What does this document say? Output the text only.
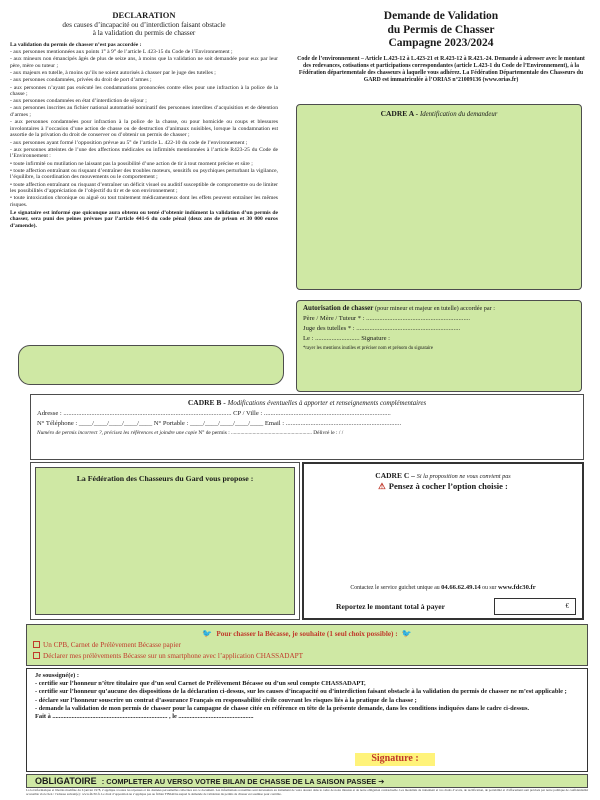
DECLARATION
des causes d’incapacité ou d’interdiction faisant obstacle
à la validation du permis de chasser
La validation du permis de chasser n’est pas accordée :
- aux personnes mentionnées aux points 1° à 9° de l’article L 423-15 du Code de l’Environnement ;
- aux mineurs non émancipés âgés de plus de seize ans, à moins que la validation ne soit demandée pour eux par leur père, mère ou tuteur ;
- aux majeurs en tutelle, à moins qu’ils ne soient autorisés à chasser par le juge des tutelles ;
- aux personnes condamnées, privées du droit de port d’armes ;
- aux personnes n’ayant pas exécuté les condamnations prononcées contre elles pour une infraction à la police de la chasse ;
- aux personnes condamnées en état d’interdiction de séjour ;
- aux personnes inscrites au fichier national automatisé nominatif des personnes interdites d’acquisition et de détention d’armes ;
- aux personnes condamnées pour infraction à la police de la chasse, ou pour homicide ou coups et blessures involontaires à l’occasion d’une action de chasse ou de destruction d’animaux nuisibles, lorsque la condamnation est assortie de la privation du droit de conserver ou d’obtenir un permis de chasser ;
- aux personnes ayant formé l’opposition prévue au 5° de l’article L. 422-10 du code de l’environnement ;
- aux personnes atteintes de l’une des affections médicales ou infirmités mentionnées à l’article R423-25 du Code de l’Environnement :
• toute infirmité ou mutilation ne laissant pas la possibilité d’une action de tir à tout moment précise et sûre ;
• toute affection entraînant ou risquant d’entraîner des troubles moteurs, sensitifs ou psychiques perturbant la vigilance, l’équilibre, la coordination des mouvements ou le comportement ;
• toute affection entraînant ou risquant d’entraîner un déficit visuel ou auditif susceptible de compromettre ou de limiter les possibilités d’appréciation de l’objectif du tir et de son environnement ;
• toute intoxication chronique ou aiguë ou tout traitement médicamenteux dont les effets peuvent entraîner les mêmes risques.
Le signataire est informé que quiconque aura obtenu ou tenté d’obtenir indûment la validation d’un permis de chasser, sera puni des peines prévues par l’article 441-6 du code pénal (deux ans de prison et 30 000 euros d’amende).
Demande de Validation
du Permis de Chasser
Campagne 2023/2024
Code de l’environnement – Article L.423-12 à L.423-21 et R.423-12 à R.423.-24. Demande à adresser avec le montant des redevances, cotisations et participations correspondantes (article L.423-1 du Code de l’Environnement), à la Fédération départementale des chasseurs à laquelle vous adhérez. La Fédération Départementale des Chasseurs du GARD est immatriculée à l’ORIAS n°21009136 (www.orias.fr)
CADRE A - Identification du demandeur
Autorisation de chasser (pour mineur et majeur en tutelle) accordée par :
Père / Mère / Tuteur * : ...............................................................
Juge des tutelles * : ...............................................................
Le : ........................... Signature :
*rayer les mentions inutiles et préciser nom et prénom du signataire
CADRE B - Modifications éventuelles à apporter et renseignements complémentaires
Adresse : ...................................................................................................... CP / Ville : .............................................................................
N° Téléphone : ____/____/____/____/____ N° Portable : ____/____/____/____/____ Email : ......................................................................
Numéro de permis incorrect ?, précisez les références et joindre une copie N° de permis : ............................................................ Délivré le : / /
La Fédération des Chasseurs du Gard vous propose :	CADRE C – Si la proposition ne vous convient pas
⚠ Pensez à cocher l’option choisie :
Contactez le service guichet unique au 04.66.62.49.14 ou sur www.fdc30.fr
Reportez le montant total à payer	€
🐦 Pour chasser la Bécasse, je souhaite (1 seul choix possible) : 🐦
Un CPB, Carnet de Prélèvement Bécasse papier
Déclarer mes prélèvements Bécasse sur un smartphone avec l’application CHASSADAPT
Je soussigné(e) :
- certifie sur l’honneur n’être titulaire que d’un seul Carnet de Prélèvement Bécasse ou d’un seul compte CHASSADAPT,
- certifie sur l’honneur qu’aucune des dispositions de la déclaration ci-dessus, sur les causes d’incapacité ou d’interdiction faisant obstacle à la validation du permis de chasser ne m’est applicable ;
- déclare sur l’honneur souscrire un contrat d’assurance Français en responsabilité civile couvrant les risques liés à la pratique de la chasse ;
- demande la validation de mon permis de chasser pour la campagne de chasse citée en référence en tête de la présente demande, dans les conditions indiquées dans le cadre ci-dessus.
Fait à ........................................................................ , le ...............................................
Signature :
OBLIGATOIRE : COMPLETER AU VERSO VOTRE BILAN DE CHASSE DE LA SAISON PASSEE ➔
La loi informatique et libertés modifiée du 6 janvier 1978, s’applique à toutes les réponses et les données personnelles collectées sur ce document. Les informations recueillies sont nécessaires au traitement de votre dossier dans le cadre de notre mission et de notre obligation contractuelle. Les modalités de traitement et vos droits d’accès, de rectification, de portabilité et d’effacement sont précisés par notre politique de confidentialité accessible via le lien / l’adresse suivant(e) : www.fdc30.fr. Le droit d’opposition ne s’applique pas au fichier FINIADA auquel la demande de validation du permis de chasser est soumise pour contrôle.
